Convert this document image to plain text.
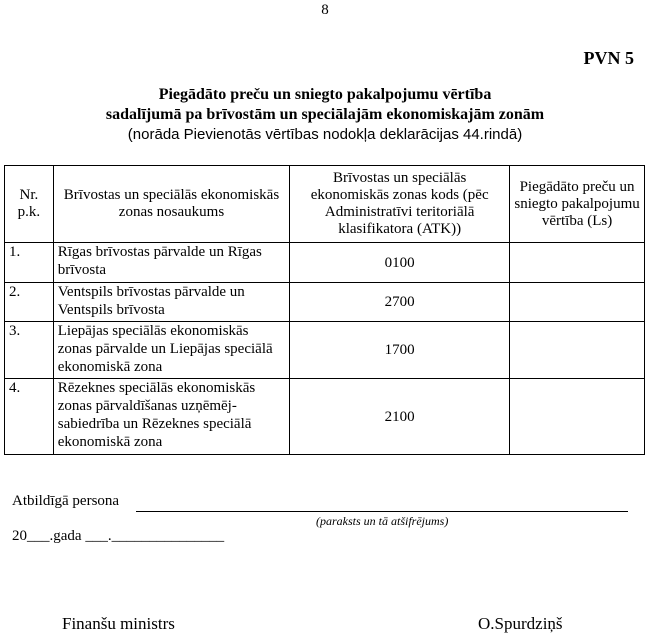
8
PVN 5
Piegādāto preču un sniegto pakalpojumu vērtība
sadalījumā pa brīvostām un speciālajām ekonomiskajām zonām
(norāda Pievienotās vērtības nodokļa deklarācijas 44.rindā)
Nr. p.k.	Brīvostas un speciālās ekonomiskās zonas nosaukums	Brīvostas un speciālās ekonomiskās zonas kods (pēc Administratīvi teritoriālā klasifikatora (ATK))	Piegādāto preču un sniegto pakalpojumu vērtība (Ls)
1.	Rīgas brīvostas pārvalde un Rīgas brīvosta	0100	
2.	Ventspils brīvostas pārvalde un Ventspils brīvosta	2700	
3.	Liepājas speciālās ekonomiskās zonas pārvalde un Liepājas speciālā ekonomiskā zona	1700	
4.	Rēzeknes speciālās ekonomiskās zonas pārvaldīšanas uzņēmēj-sabiedrība un Rēzeknes speciālā ekonomiskā zona	2100	
Atbildīgā persona
(paraksts un tā atšifrējums)
20___.gada ___._______________
Finanšu ministrs	O.Spurdziņš
